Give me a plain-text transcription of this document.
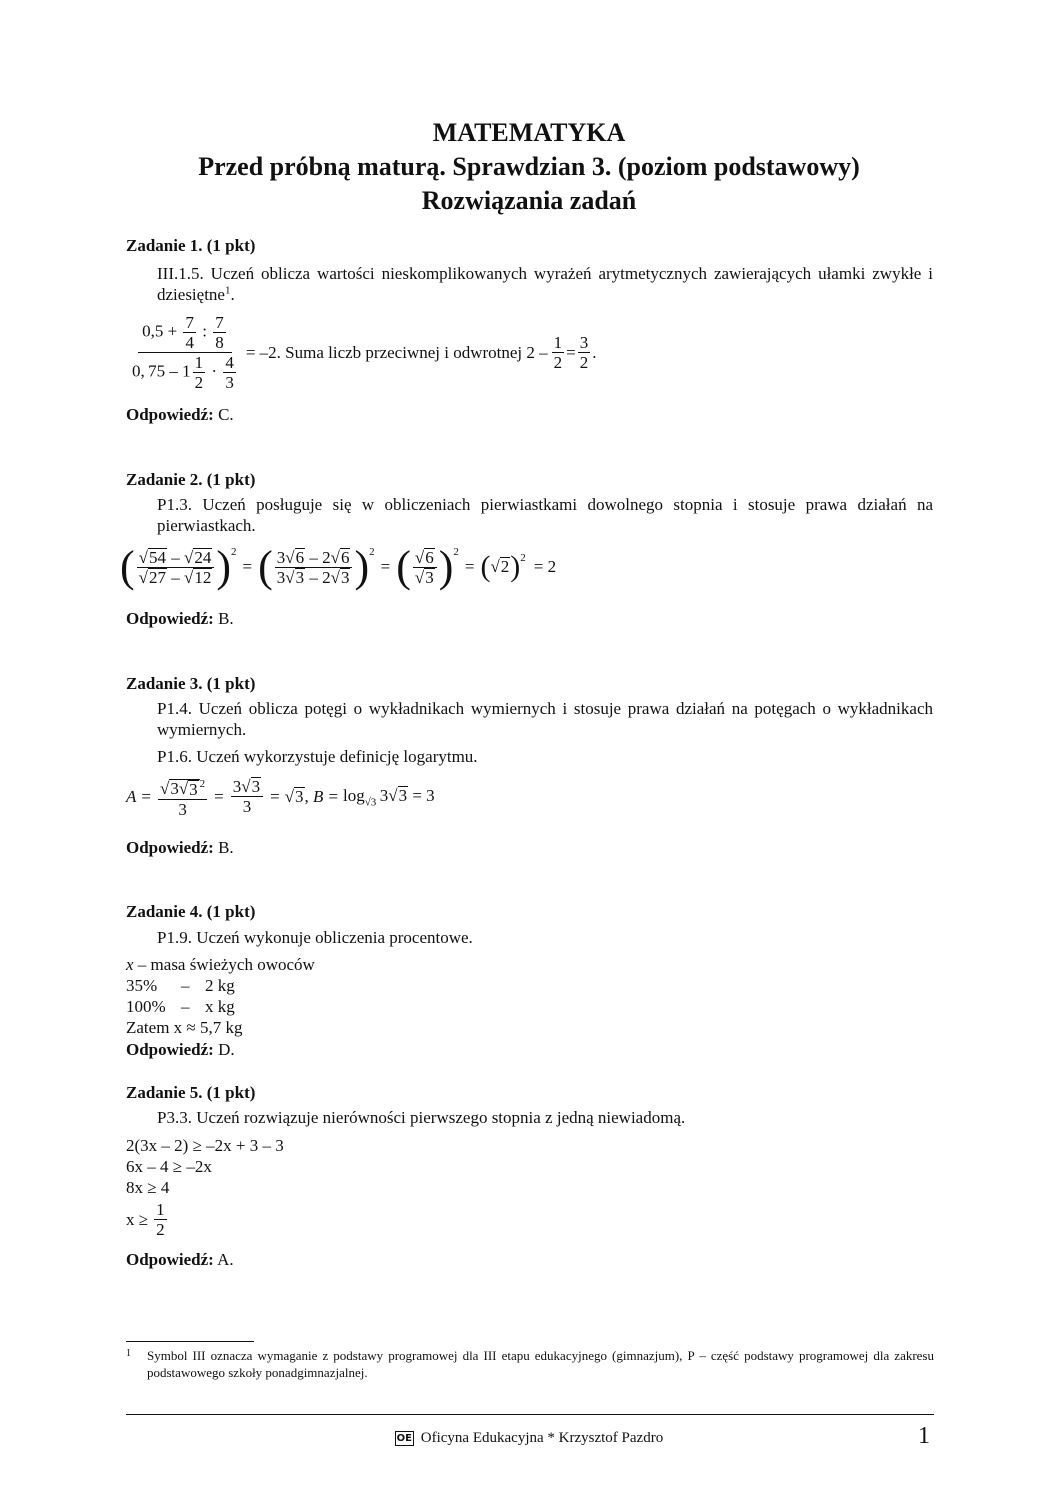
MATEMATYKA
Przed próbną maturą. Sprawdzian 3. (poziom podstawowy)
Rozwiązania zadań
Zadanie 1. (1 pkt)
III.1.5. Uczeń oblicza wartości nieskomplikowanych wyrażeń arytmetycznych zawierających ułamki zwykłe i dziesiętne$^1$.
$\frac{0,5 + \frac{7}{4} : \frac{7}{8}}{0, 75 - 1 \frac{1}{2} \cdot \frac{4}{3}} = -2$. Suma liczb przeciwnej i odwrotnej $2 - \frac{1}{2} = \frac{3}{2}$ .
Odpowiedź: C.
Zadanie 2. (1 pkt)
P1.3. Uczeń posługuje się w obliczeniach pierwiastkami dowolnego stopnia i stosuje prawa działań na pierwiastkach.
( $\frac{√ 54 - √ 24}{√ 27 - √ 12}$ ) 2
= ( $\frac{3 √ 6 - 2 √ 6}{3 √ 3 - 2 √ 3}$ ) 2
= ( $\frac{√ 6}{√ 3}$ ) 2
= ( √ 2 ) 2 = 2
Odpowiedź: B.
Zadanie 3. (1 pkt)
P1.4. Uczeń oblicza potęgi o wykładnikach wymiernych i stosuje prawa działań na potęgach o wykładnikach wymiernych.
P1.6. Uczeń wykorzystuje definicję logarytmu.
$A = \frac{√ 3 √ 3 ^2}{3} = \frac{3 √ 3}{3}$ = √ 3 , $B = \log_{√3} 3$ √ 3 = 3
Odpowiedź: B.
Zadanie 4. (1 pkt)
P1.9. Uczeń wykonuje obliczenia procentowe.
x – masa świeżych owoców
35% – 2 kg
100% – x kg
Zatem x ≈ 5,7 kg
Odpowiedź: D.
Zadanie 5. (1 pkt)
P3.3. Uczeń rozwiązuje nierówności pierwszego stopnia z jedną niewiadomą.
2(3x – 2) ≥ –2x + 3 – 3
6x – 4 ≥ –2x
8x ≥ 4
$x \ge \frac{1}{2}$
Odpowiedź: A.
1 Symbol III oznacza wymaganie z podstawy programowej dla III etapu edukacyjnego (gimnazjum), P – część podstawy programowej dla zakresu podstawowego szkoły ponadgimnazjalnej.
OE Oficyna Edukacyjna * Krzysztof Pazdro	1
